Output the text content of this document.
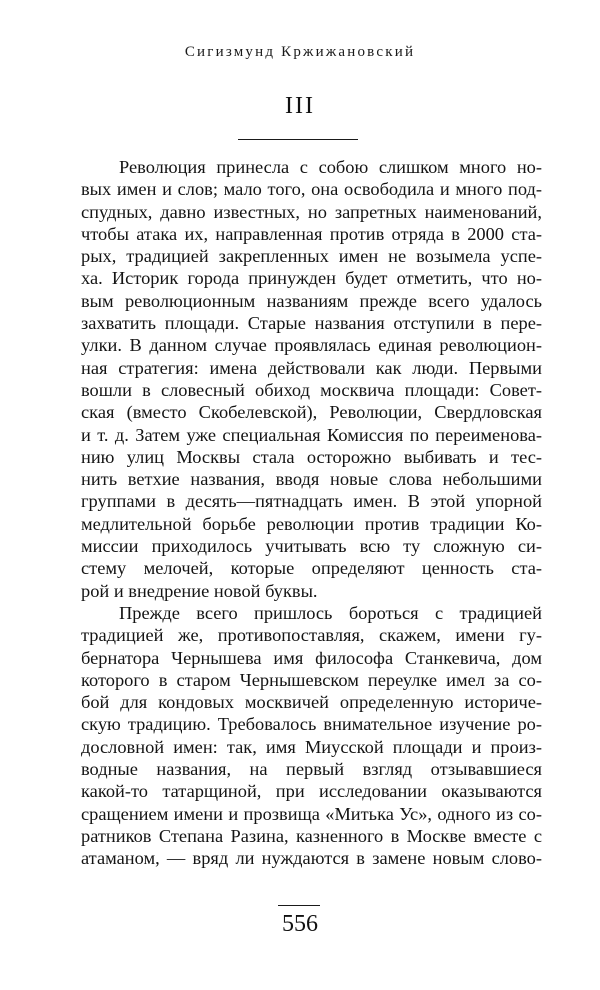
Сигизмунд Кржижановский
III
Революция принесла с собою слишком много но-
вых имен и слов; мало того, она освободила и много под-
спудных, давно известных, но запретных наименований,
чтобы атака их, направленная против отряда в 2000 ста-
рых, традицией закрепленных имен не возымела успе-
ха. Историк города принужден будет отметить, что но-
вым революционным названиям прежде всего удалось
захватить площади. Старые названия отступили в пере-
улки. В данном случае проявлялась единая революцион-
ная стратегия: имена действовали как люди. Первыми
вошли в словесный обиход москвича площади: Совет-
ская (вместо Скобелевской), Революции, Свердловская
и т. д. Затем уже специальная Комиссия по переименова-
нию улиц Москвы стала осторожно выбивать и тес-
нить ветхие названия, вводя новые слова небольшими
группами в десять—пятнадцать имен. В этой упорной
медлительной борьбе революции против традиции Ко-
миссии приходилось учитывать всю ту сложную си-
стему мелочей, которые определяют ценность ста-
рой и внедрение новой буквы.
Прежде всего пришлось бороться с традицией
традицией же, противопоставляя, скажем, имени гу-
бернатора Чернышева имя философа Станкевича, дом
которого в старом Чернышевском переулке имел за со-
бой для кондовых москвичей определенную историче-
скую традицию. Требовалось внимательное изучение ро-
дословной имен: так, имя Миусской площади и произ-
водные названия, на первый взгляд отзывавшиеся
какой-то татарщиной, при исследовании оказываются
сращением имени и прозвища «Митька Ус», одного из со-
ратников Степана Разина, казненного в Москве вместе с
атаманом, — вряд ли нуждаются в замене новым слово-
556
